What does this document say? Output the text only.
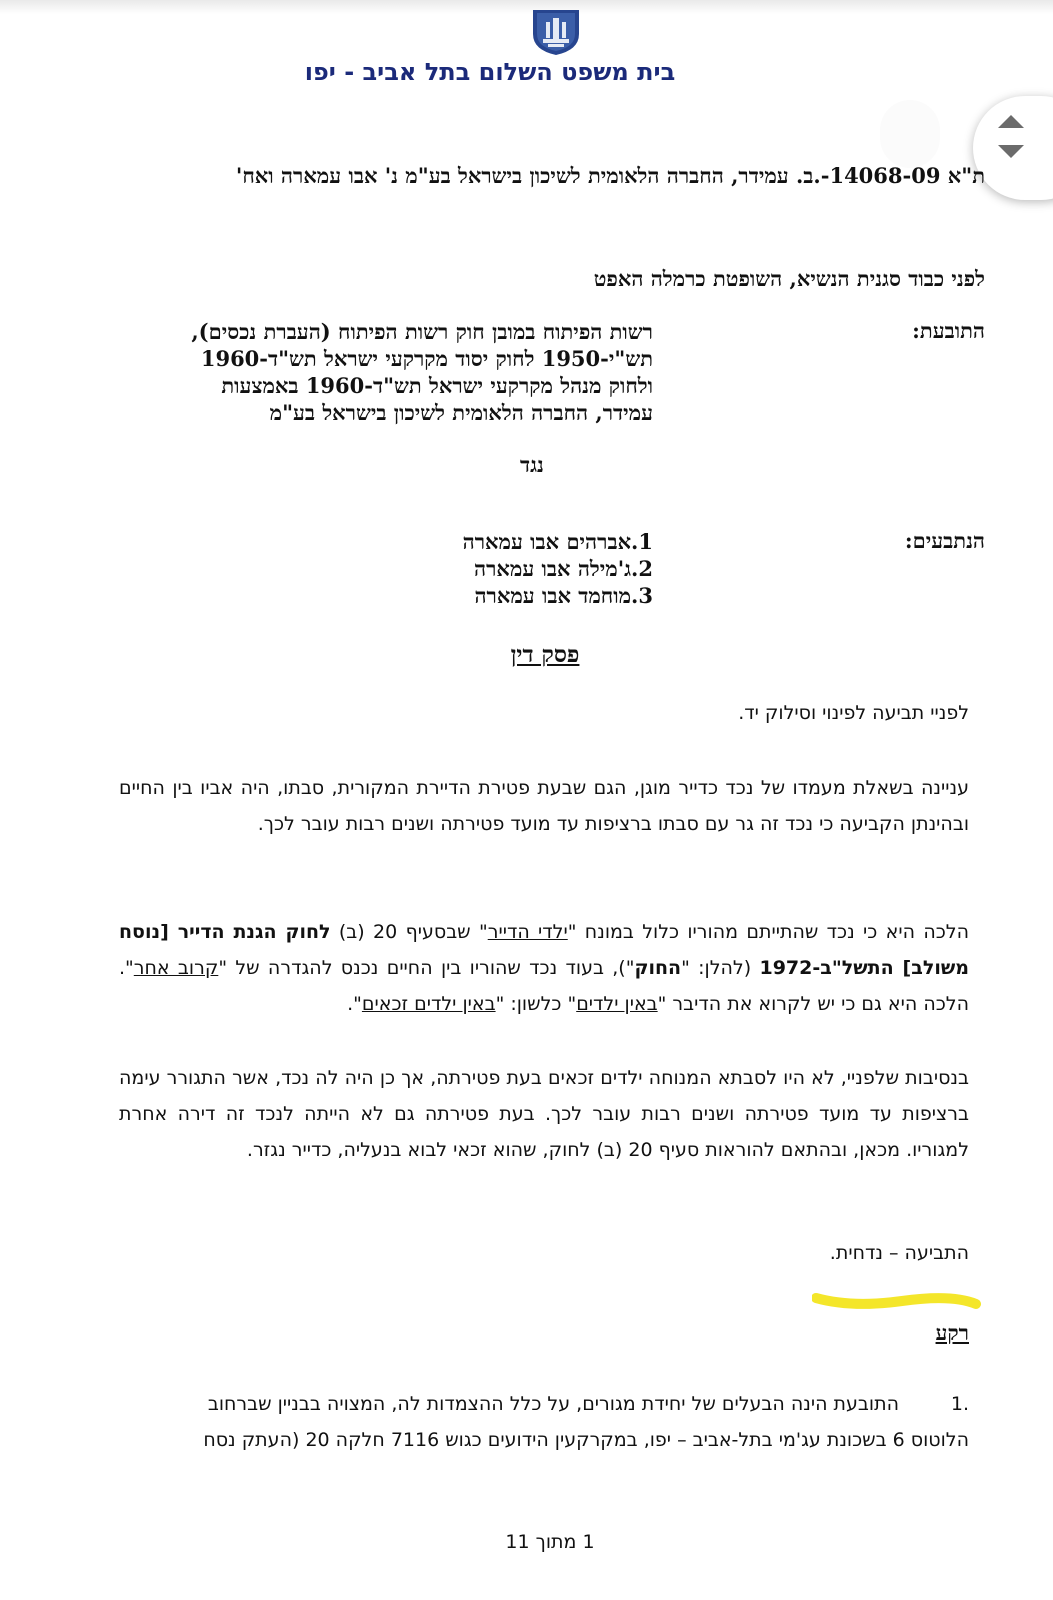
בית משפט השלום בתל אביב - יפו
ת"א 14068-09-.ב. עמידר, החברה הלאומית לשיכון בישראל בע"מ נ' אבו עמארה ואח'
לפני כבוד סגנית הנשיא, השופטת כרמלה האפט
התובעת:
רשות הפיתוח במובן חוק רשות הפיתוח (העברת נכסים),
תש"י-1950 לחוק יסוד מקרקעי ישראל תש"ד-1960
ולחוק מנהל מקרקעי ישראל תש"ד-1960 באמצעות
עמידר, החברה הלאומית לשיכון בישראל בע"מ
נגד
הנתבעים:
1.אברהים אבו עמארה
2.ג'מילה אבו עמארה
3.מוחמד אבו עמארה
פסק דין
לפניי תביעה לפינוי וסילוק יד.
עניינה בשאלת מעמדו של נכד כדייר מוגן, הגם שבעת פטירת הדיירת המקורית, סבתו, היה אביו בין החיים ובהינתן הקביעה כי נכד זה גר עם סבתו ברציפות עד מועד פטירתה ושנים רבות עובר לכך.
הלכה היא כי נכד שהתייתם מהוריו כלול במונח "ילדי הדייר" שבסעיף 20 (ב) לחוק הגנת הדייר [נוסח משולב] התשל"ב-1972 (להלן: "החוק"), בעוד נכד שהוריו בין החיים נכנס להגדרה של "קרוב אחר". הלכה היא גם כי יש לקרוא את הדיבר "באין ילדים" כלשון: "באין ילדים זכאים".
בנסיבות שלפניי, לא היו לסבתא המנוחה ילדים זכאים בעת פטירתה, אך כן היה לה נכד, אשר התגורר עימה ברציפות עד מועד פטירתה ושנים רבות עובר לכך. בעת פטירתה גם לא הייתה לנכד זה דירה אחרת למגוריו. מכאן, ובהתאם להוראות סעיף 20 (ב) לחוק, שהוא זכאי לבוא בנעליה, כדייר נגזר.
התביעה – נדחית.
רקע
.1
התובעת הינה הבעלים של יחידת מגורים, על כלל ההצמדות לה, המצויה בבניין שברחוב
הלוטוס 6 בשכונת עג'מי בתל-אביב – יפו, במקרקעין הידועים כגוש 7116 חלקה 20 (העתק נסח
1 מתוך 11
